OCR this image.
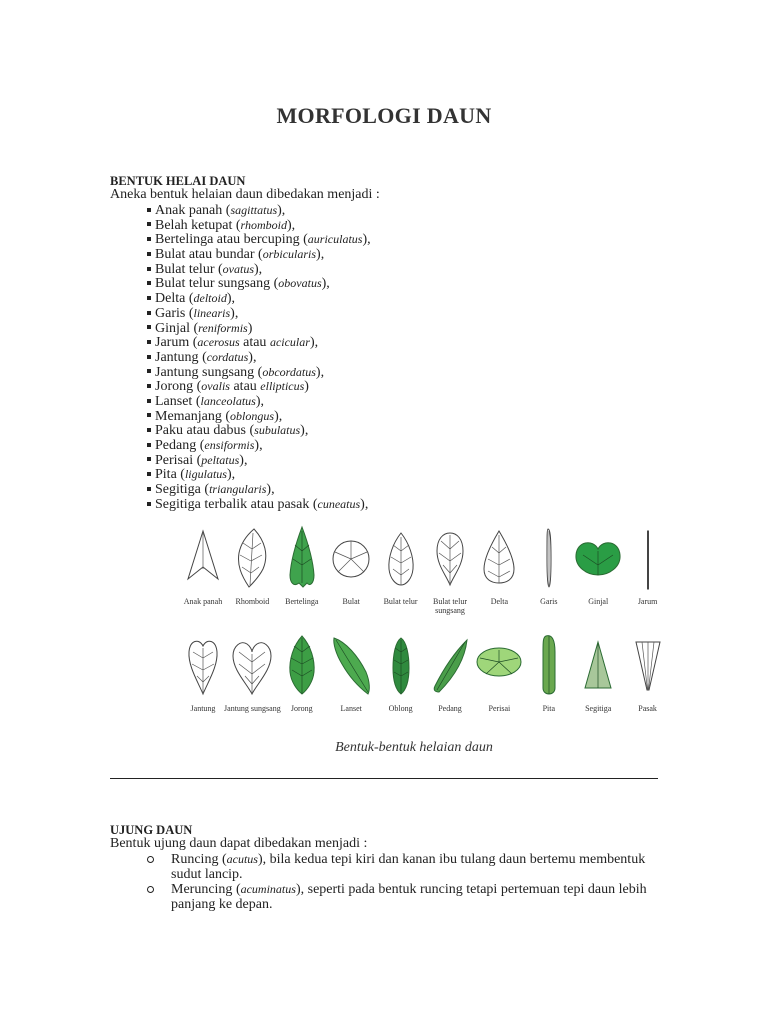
MORFOLOGI DAUN
BENTUK HELAI DAUN
Aneka bentuk helaian daun dibedakan menjadi :
Anak panah (sagittatus),
Belah ketupat (rhomboid),
Bertelinga atau bercuping (auriculatus),
Bulat atau bundar (orbicularis),
Bulat telur (ovatus),
Bulat telur sungsang (obovatus),
Delta (deltoid),
Garis (linearis),
Ginjal (reniformis)
Jarum (acerosus atau acicular),
Jantung (cordatus),
Jantung sungsang (obcordatus),
Jorong (ovalis atau ellipticus)
Lanset (lanceolatus),
Memanjang (oblongus),
Paku atau dabus (subulatus),
Pedang (ensiformis),
Perisai (peltatus),
Pita (ligulatus),
Segitiga (triangularis),
Segitiga terbalik atau pasak (cuneatus),
Anak panah	Rhomboid	Bertelinga	Bulat	Bulat telur	Bulat telur sungsang
Delta	Garis	Ginjal	Jarum
Jantung	Jantung sungsang	Jorong	Lanset	Oblong	Pedang	Perisai	Pita	Segitiga	Pasak
Bentuk-bentuk helaian daun
UJUNG DAUN
Bentuk ujung daun dapat dibedakan menjadi :
Runcing (acutus), bila kedua tepi kiri dan kanan ibu tulang daun bertemu membentuk sudut lancip.
Meruncing (acuminatus), seperti pada bentuk runcing tetapi pertemuan tepi daun lebih panjang ke depan.
